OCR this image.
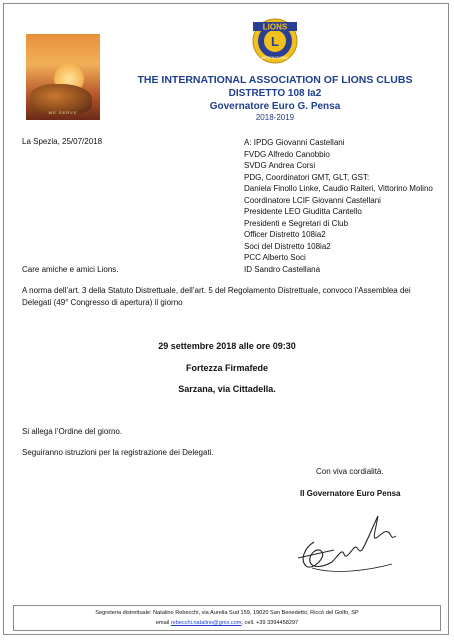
WE SERVE
LIONS
L
INTERNATIONAL
THE INTERNATIONAL ASSOCIATION OF LIONS CLUBS
DISTRETTO 108 Ia2
Governatore Euro G. Pensa
2018-2019
La Spezia, 25/07/2018	A: IPDG Giovanni Castellani
FVDG Alfredo Canobbio
SVDG Andrea Corsi
PDG, Coordinatori GMT, GLT, GST:
Daniela Finollo Linke, Caudio Raiteri, Vittorino Molino
Coordinatore LCIF Giovanni Castellani
Presidente LEO Giuditta Cantello
Presidenti e Segretari di Club
Officer Distretto 108ia2
Soci del Distretto 108ia2
PCC Alberto Soci
ID Sandro Castellana
Care amiche e amici Lions.
A norma dell’art. 3 della Statuto Distrettuale, dell’art. 5 del Regolamento Distrettuale, convoco l’Assemblea dei Delegati (49° Congresso di apertura) il giorno
29 settembre 2018 alle ore 09:30
Fortezza Firmafede
Sarzana, via Cittadella.
Si allega l’Ordine del giorno.
Seguiranno istruzioni per la registrazione dei Delegati.
Con viva cordialità.
Il Governatore Euro Pensa
Segreteria distrettuale: Natalino Rebecchi, via Aurelia Sud 159, 19020 San Benedetto, Riccò del Golfo, SP
email rebecchi.natalino@gmx.com, cell. +39 3394458297
